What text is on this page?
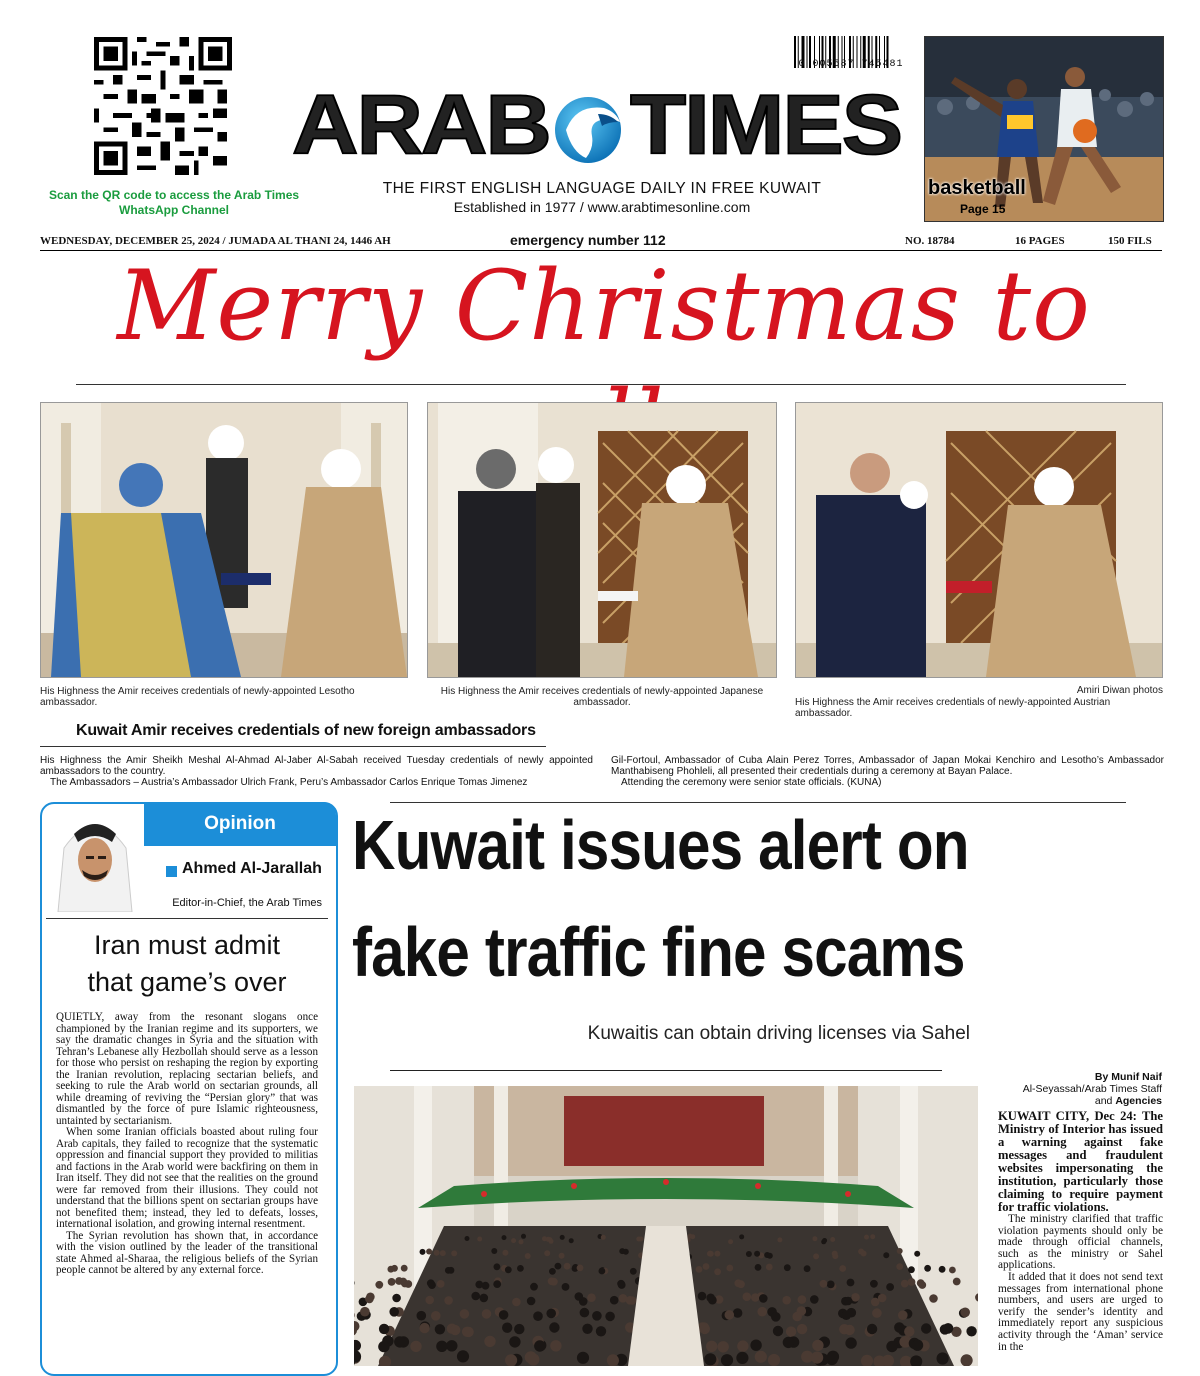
Scan the QR code to access the Arab Times WhatsApp Channel
0 005587 745481
ARAB TIMES
THE FIRST ENGLISH LANGUAGE DAILY IN FREE KUWAIT
Established in 1977 / www.arabtimesonline.com
basketball
Page 15
WEDNESDAY, DECEMBER 25, 2024 / JUMADA AL THANI 24, 1446 AH	emergency number 112	NO. 18784	16 PAGES	150 FILS
Merry Christmas to
His Highness the Amir receives credentials of newly-appointed Lesotho ambassador.
His Highness the Amir receives credentials of newly-appointed Japanese ambassador.
Amiri Diwan photos
His Highness the Amir receives credentials of newly-appointed Austrian ambassador.
Kuwait Amir receives credentials of new foreign ambassadors

His Highness the Amir Sheikh Meshal Al-Ahmad Al-Jaber Al-Sabah received Tuesday credentials of newly appointed ambassadors to the country.

The Ambassadors – Austria’s Ambassador Ulrich Frank, Peru’s Ambassador Carlos Enrique Tomas Jimenez

Gil-Fortoul, Ambassador of Cuba Alain Perez Torres, Ambassador of Japan Mokai Kenchiro and Lesotho’s Ambassador Manthabiseng Phohleli, all presented their credentials during a ceremony at Bayan Palace.

Attending the ceremony were senior state officials. (KUNA)

Opinion
Ahmed Al-Jarallah
Editor-in-Chief, the Arab Times
Iran must admit
that game’s over

QUIETLY, away from the resonant slogans once championed by the Iranian regime and its supporters, we say the dramatic changes in Syria and the situation with Tehran’s Lebanese ally Hezbollah should serve as a lesson for those who persist on reshaping the region by exporting the Iranian revolution, replacing sectarian beliefs, and seeking to rule the Arab world on sectarian grounds, all while dreaming of reviving the “Persian glory” that was dismantled by the force of pure Islamic righteousness, untainted by sectarianism.

When some Iranian officials boasted about ruling four Arab capitals, they failed to recognize that the systematic oppression and financial support they provided to militias and factions in the Arab world were backfiring on them in Iran itself. They did not see that the realities on the ground were far removed from their illusions. They could not understand that the billions spent on sectarian groups have not benefited them; instead, they led to defeats, losses, international isolation, and growing internal resentment.

The Syrian revolution has shown that, in accordance with the vision outlined by the leader of the transitional state Ahmed al-Sharaa, the religious beliefs of the Syrian people cannot be altered by any external force.

Kuwait issues alert on
fake traffic fine scams
Kuwaitis can obtain driving licenses via Sahel
By Munif Naif
Al-Seyassah/Arab Times Staff
and Agencies

KUWAIT CITY, Dec 24: The Ministry of Interior has issued a warning against fake messages and fraudulent websites impersonating the institution, particularly those claiming to require payment for traffic violations.

The ministry clarified that traffic violation payments should only be made through official channels, such as the ministry or Sahel applications.

It added that it does not send text messages from international phone numbers, and users are urged to verify the sender’s identity and immediately report any suspicious activity through the ‘Aman’ service in the
